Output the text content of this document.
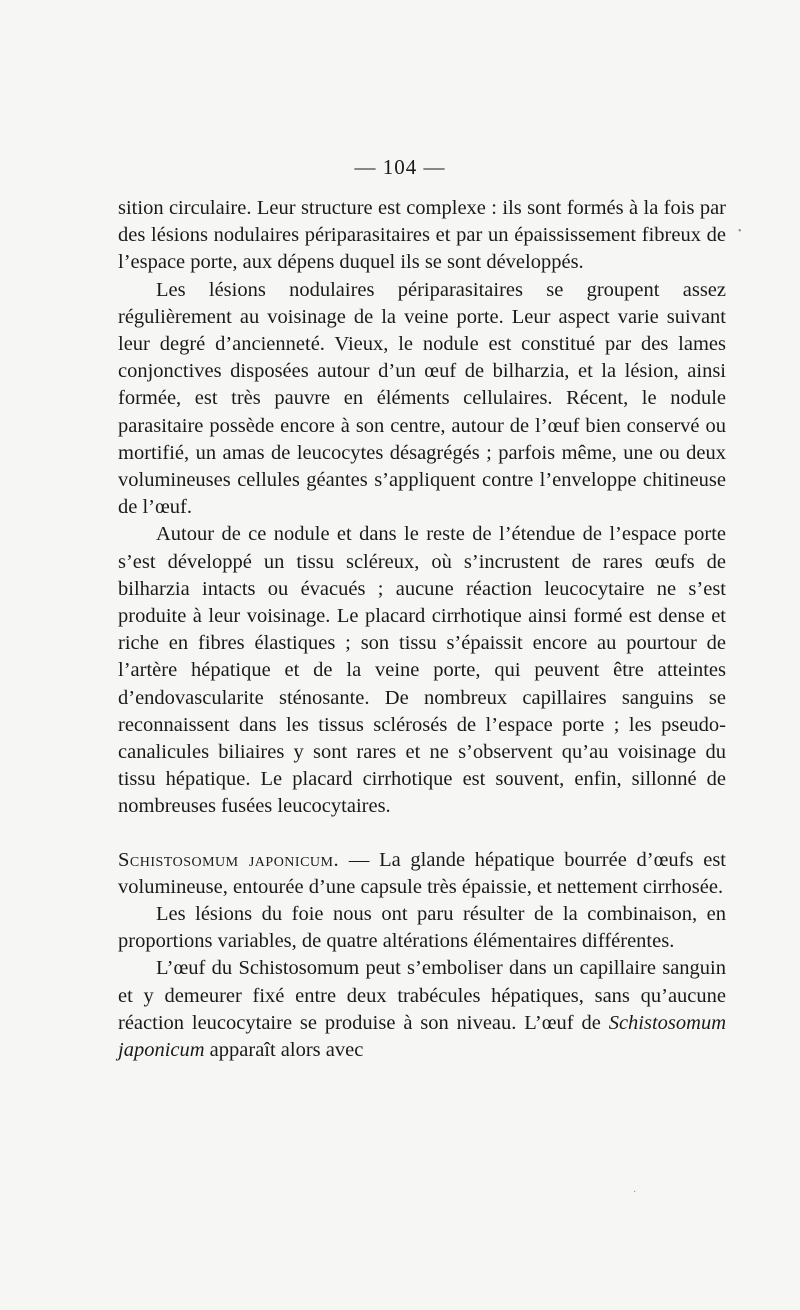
— 104 —

sition circulaire. Leur structure est complexe : ils sont formés à la fois par des lésions nodulaires périparasitaires et par un épaississement fibreux de l’espace porte, aux dépens duquel ils se sont développés.

Les lésions nodulaires périparasitaires se groupent assez régulièrement au voisinage de la veine porte. Leur aspect varie suivant leur degré d’ancienneté. Vieux, le nodule est constitué par des lames conjonctives disposées autour d’un œuf de bilharzia, et la lésion, ainsi formée, est très pauvre en éléments cellulaires. Récent, le nodule parasitaire possède encore à son centre, autour de l’œuf bien conservé ou mortifié, un amas de leucocytes désagrégés ; parfois même, une ou deux volumineuses cellules géantes s’appliquent contre l’enveloppe chitineuse de l’œuf.

Autour de ce nodule et dans le reste de l’étendue de l’espace porte s’est développé un tissu scléreux, où s’incrustent de rares œufs de bilharzia intacts ou évacués ; aucune réaction leucocytaire ne s’est produite à leur voisinage. Le placard cirrhotique ainsi formé est dense et riche en fibres élastiques ; son tissu s’épaissit encore au pourtour de l’artère hépatique et de la veine porte, qui peuvent être atteintes d’endovascularite sténosante. De nombreux capillaires sanguins se reconnaissent dans les tissus sclérosés de l’espace porte ; les pseudo-canalicules biliaires y sont rares et ne s’observent qu’au voisinage du tissu hépatique. Le placard cirrhotique est souvent, enfin, sillonné de nombreuses fusées leucocytaires.

Schistosomum japonicum. — La glande hépatique bourrée d’œufs est volumineuse, entourée d’une capsule très épaissie, et nettement cirrhosée.

Les lésions du foie nous ont paru résulter de la combinaison, en proportions variables, de quatre altérations élémentaires différentes.

L’œuf du Schistosomum peut s’emboliser dans un capillaire sanguin et y demeurer fixé entre deux trabécules hépatiques, sans qu’aucune réaction leucocytaire se produise à son niveau. L’œuf de Schistosomum japonicum apparaît alors avec

•
·
